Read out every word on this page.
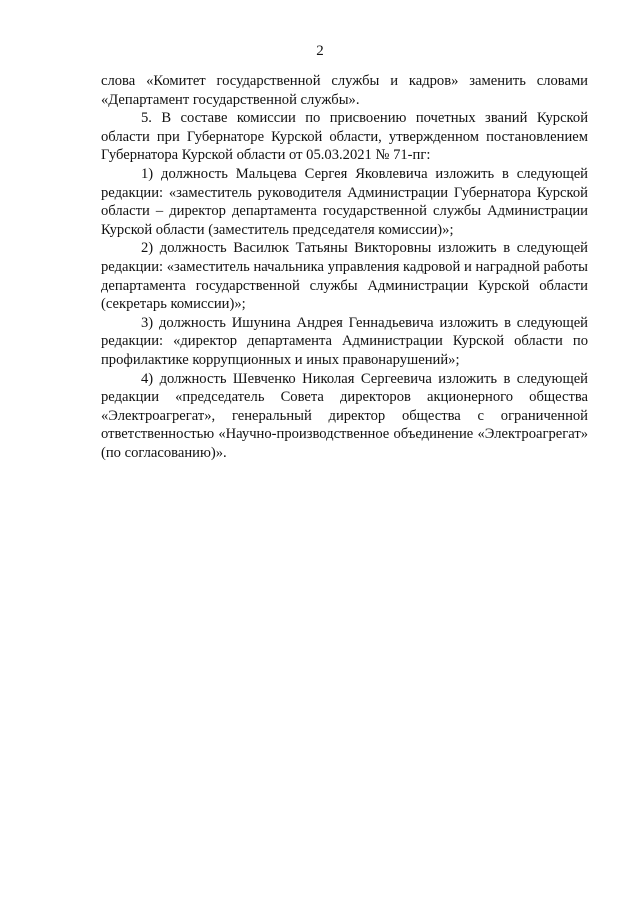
2

слова «Комитет государственной службы и кадров» заменить словами «Департамент государственной службы».

5. В составе комиссии по присвоению почетных званий Курской области при Губернаторе Курской области, утвержденном постановлением Губернатора Курской области от 05.03.2021 № 71-пг:

1) должность Мальцева Сергея Яковлевича изложить в следующей редакции: «заместитель руководителя Администрации Губернатора Курской области – директор департамента государственной службы Администрации Курской области (заместитель председателя комиссии)»;

2) должность Василюк Татьяны Викторовны изложить в следующей редакции: «заместитель начальника управления кадровой и наградной работы департамента государственной службы Администрации Курской области (секретарь комиссии)»;

3) должность Ишунина Андрея Геннадьевича изложить в следующей редакции: «директор департамента Администрации Курской области по профилактике коррупционных и иных правонарушений»;

4) должность Шевченко Николая Сергеевича изложить в следующей редакции «председатель Совета директоров акционерного общества «Электроагрегат», генеральный директор общества с ограниченной ответственностью «Научно-производственное объединение «Электроагрегат» (по согласованию)».
